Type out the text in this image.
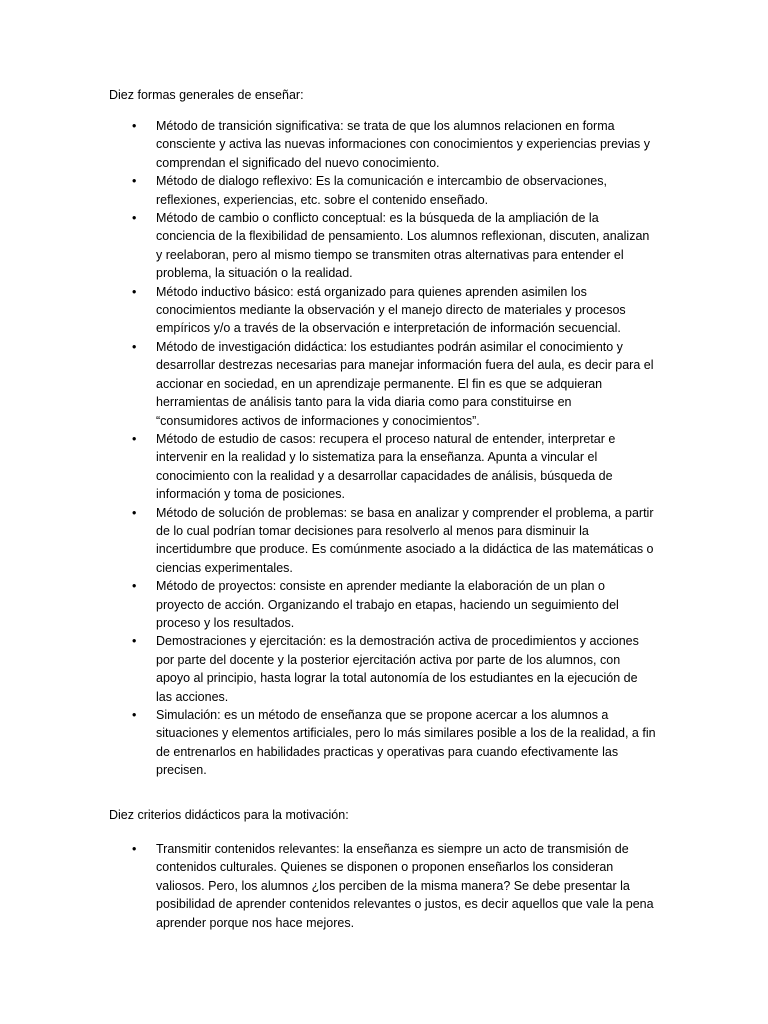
Diez formas generales de enseñar:

• Método de transición significativa: se trata de que los alumnos relacionen en forma consciente y activa las nuevas informaciones con conocimientos y experiencias previas y comprendan el significado del nuevo conocimiento.
• Método de dialogo reflexivo: Es la comunicación e intercambio de observaciones, reflexiones, experiencias, etc. sobre el contenido enseñado.
• Método de cambio o conflicto conceptual: es la búsqueda de la ampliación de la conciencia de la flexibilidad de pensamiento. Los alumnos reflexionan, discuten, analizan y reelaboran, pero al mismo tiempo se transmiten otras alternativas para entender el problema, la situación o la realidad.
• Método inductivo básico: está organizado para quienes aprenden asimilen los conocimientos mediante la observación y el manejo directo de materiales y procesos empíricos y/o a través de la observación e interpretación de información secuencial.
• Método de investigación didáctica: los estudiantes podrán asimilar el conocimiento y desarrollar destrezas necesarias para manejar información fuera del aula, es decir para el accionar en sociedad, en un aprendizaje permanente. El fin es que se adquieran herramientas de análisis tanto para la vida diaria como para constituirse en “consumidores activos de informaciones y conocimientos”.
• Método de estudio de casos: recupera el proceso natural de entender, interpretar e intervenir en la realidad y lo sistematiza para la enseñanza. Apunta a vincular el conocimiento con la realidad y a desarrollar capacidades de análisis, búsqueda de información y toma de posiciones.
• Método de solución de problemas: se basa en analizar y comprender el problema, a partir de lo cual podrían tomar decisiones para resolverlo al menos para disminuir la incertidumbre que produce. Es comúnmente asociado a la didáctica de las matemáticas o ciencias experimentales.
• Método de proyectos: consiste en aprender mediante la elaboración de un plan o proyecto de acción. Organizando el trabajo en etapas, haciendo un seguimiento del proceso y los resultados.
• Demostraciones y ejercitación: es la demostración activa de procedimientos y acciones por parte del docente y la posterior ejercitación activa por parte de los alumnos, con apoyo al principio, hasta lograr la total autonomía de los estudiantes en la ejecución de las acciones.
• Simulación: es un método de enseñanza que se propone acercar a los alumnos a situaciones y elementos artificiales, pero lo más similares posible a los de la realidad, a fin de entrenarlos en habilidades practicas y operativas para cuando efectivamente las precisen.

Diez criterios didácticos para la motivación:

• Transmitir contenidos relevantes: la enseñanza es siempre un acto de transmisión de contenidos culturales. Quienes se disponen o proponen enseñarlos los consideran valiosos. Pero, los alumnos ¿los perciben de la misma manera? Se debe presentar la posibilidad de aprender contenidos relevantes o justos, es decir aquellos que vale la pena aprender porque nos hace mejores.
